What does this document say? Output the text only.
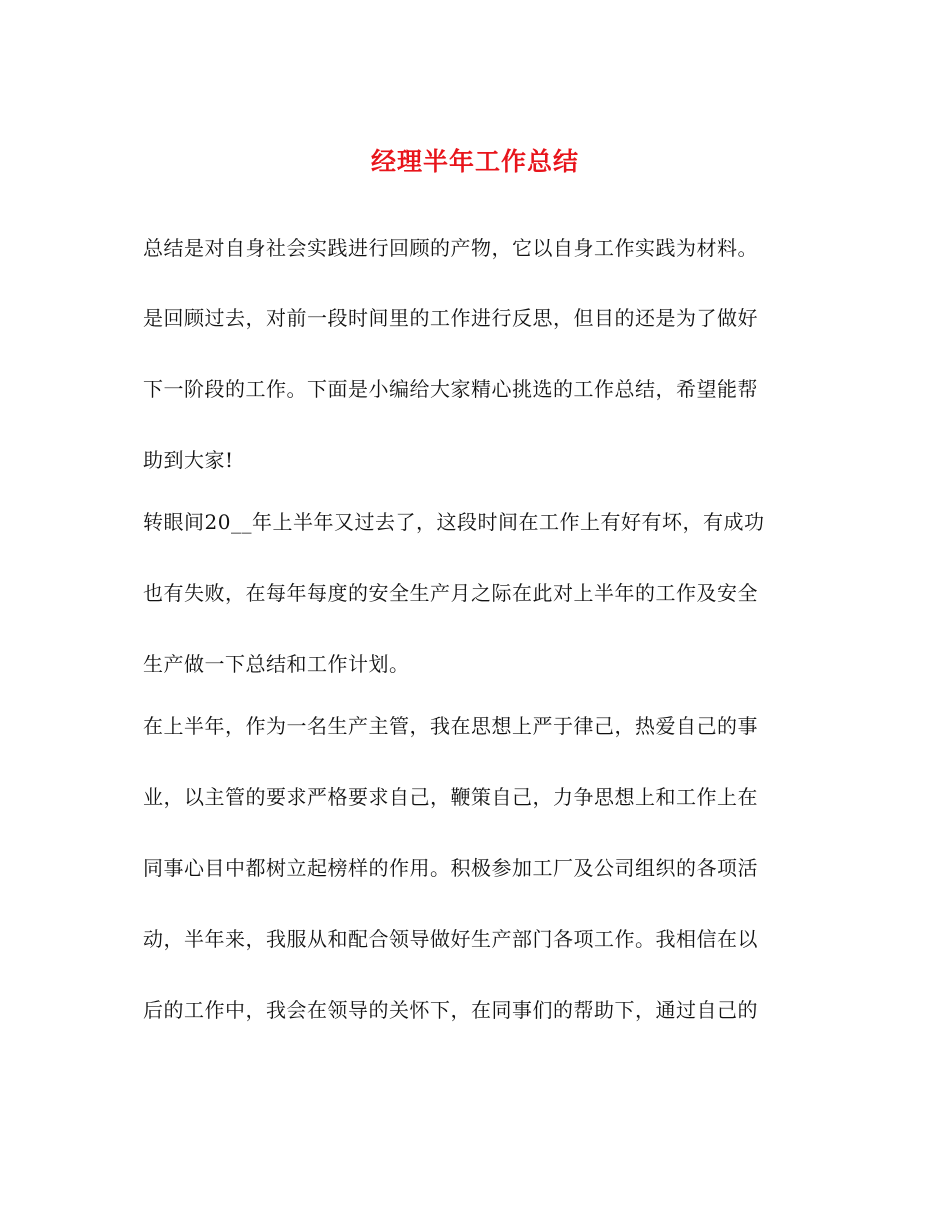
经理半年工作总结
总结是对自身社会实践进行回顾的产物，它以自身工作实践为材料。
是回顾过去，对前一段时间里的工作进行反思，但目的还是为了做好
下一阶段的工作。下面是小编给大家精心挑选的工作总结，希望能帮
助到大家!
转眼间20__年上半年又过去了，这段时间在工作上有好有坏，有成功
也有失败，在每年每度的安全生产月之际在此对上半年的工作及安全
生产做一下总结和工作计划。
在上半年，作为一名生产主管，我在思想上严于律己，热爱自己的事
业，以主管的要求严格要求自己，鞭策自己，力争思想上和工作上在
同事心目中都树立起榜样的作用。积极参加工厂及公司组织的各项活
动，半年来，我服从和配合领导做好生产部门各项工作。我相信在以
后的工作中，我会在领导的关怀下，在同事们的帮助下，通过自己的
